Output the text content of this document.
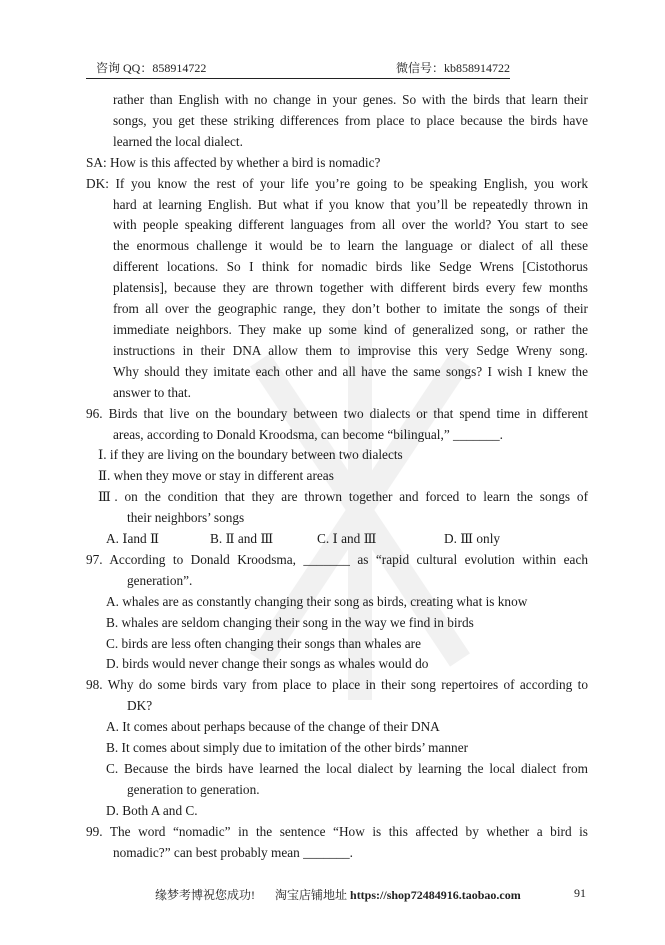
咨询 QQ：858914722	微信号：kb858914722
rather than English with no change in your genes. So with the birds that learn their
songs, you get these striking differences from place to place because the birds have
learned the local dialect.
SA: How is this affected by whether a bird is nomadic?
DK: If you know the rest of your life you’re going to be speaking English, you work
hard at learning English. But what if you know that you’ll be repeatedly thrown in
with people speaking different languages from all over the world? You start to see
the enormous challenge it would be to learn the language or dialect of all these
different locations. So I think for nomadic birds like Sedge Wrens [Cistothorus
platensis], because they are thrown together with different birds every few months
from all over the geographic range, they don’t bother to imitate the songs of their
immediate neighbors. They make up some kind of generalized song, or rather the
instructions in their DNA allow them to improvise this very Sedge Wreny song.
Why should they imitate each other and all have the same songs? I wish I knew the
answer to that.
96. Birds that live on the boundary between two dialects or that spend time in different
areas, according to Donald Kroodsma, can become “bilingual,” _______.
Ⅰ. if they are living on the boundary between two dialects
Ⅱ. when they move or stay in different areas
Ⅲ. on the condition that they are thrown together and forced to learn the songs of
their neighbors’ songs
A. Ⅰand Ⅱ	B. Ⅱ and Ⅲ	C. Ⅰ and Ⅲ	D. Ⅲ only
97. According to Donald Kroodsma, _______ as “rapid cultural evolution within each
generation”.
A. whales are as constantly changing their song as birds, creating what is know
B. whales are seldom changing their song in the way we find in birds
C. birds are less often changing their songs than whales are
D. birds would never change their songs as whales would do
98. Why do some birds vary from place to place in their song repertoires of according to
DK?
A. It comes about perhaps because of the change of their DNA
B. It comes about simply due to imitation of the other birds’ manner
C. Because the birds have learned the local dialect by learning the local dialect from
generation to generation.
D. Both A and C.
99. The word “nomadic” in the sentence “How is this affected by whether a bird is
nomadic?” can best probably mean _______.
缘梦考博祝您成功! 淘宝店铺地址 https://shop72484916.taobao.com	91
